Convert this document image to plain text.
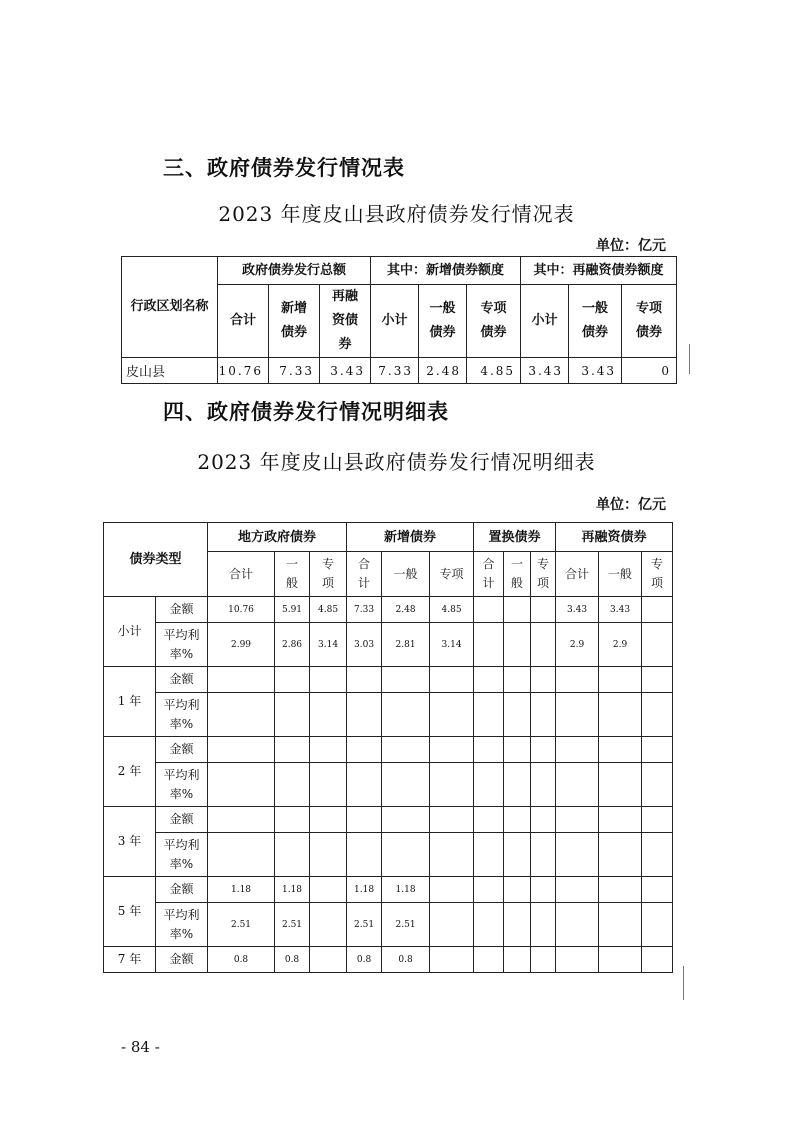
三、政府债券发行情况表
2023 年度皮山县政府债券发行情况表
单位：亿元
行政区划名称	政府债券发行总额			其中：新增债券额度			其中：再融资债券额度		

	合计	新增债券	再融资债券	小计	一般债券	专项债券	小计	一般债券	专项债券

皮山县	10.76	7.33	3.43	7.33	2.48	4.85	3.43	3.43	0
四、政府债券发行情况明细表
2023 年度皮山县政府债券发行情况明细表
单位：亿元
债券类型		地方政府债券			新增债券			置换债券			再融资债券		
		合计	一般	专项	合计	一般	专项	合计	一般	专项	合计	一般	专项
小计	金额	10.76	5.91	4.85	7.33	2.48	4.85				3.43	3.43	

	平均利率%	2.99	2.86	3.14	3.03	2.81	3.14				2.9	2.9	
1 年	金额												

	平均利率%												

2 年	金额												

	平均利率%												

3 年	金额												

	平均利率%												

5 年	金额	1.18	1.18		1.18	1.18							

	平均利率%	2.51	2.51		2.51	2.51							
7 年	金额	0.8	0.8		0.8	0.8							
- 84 -
